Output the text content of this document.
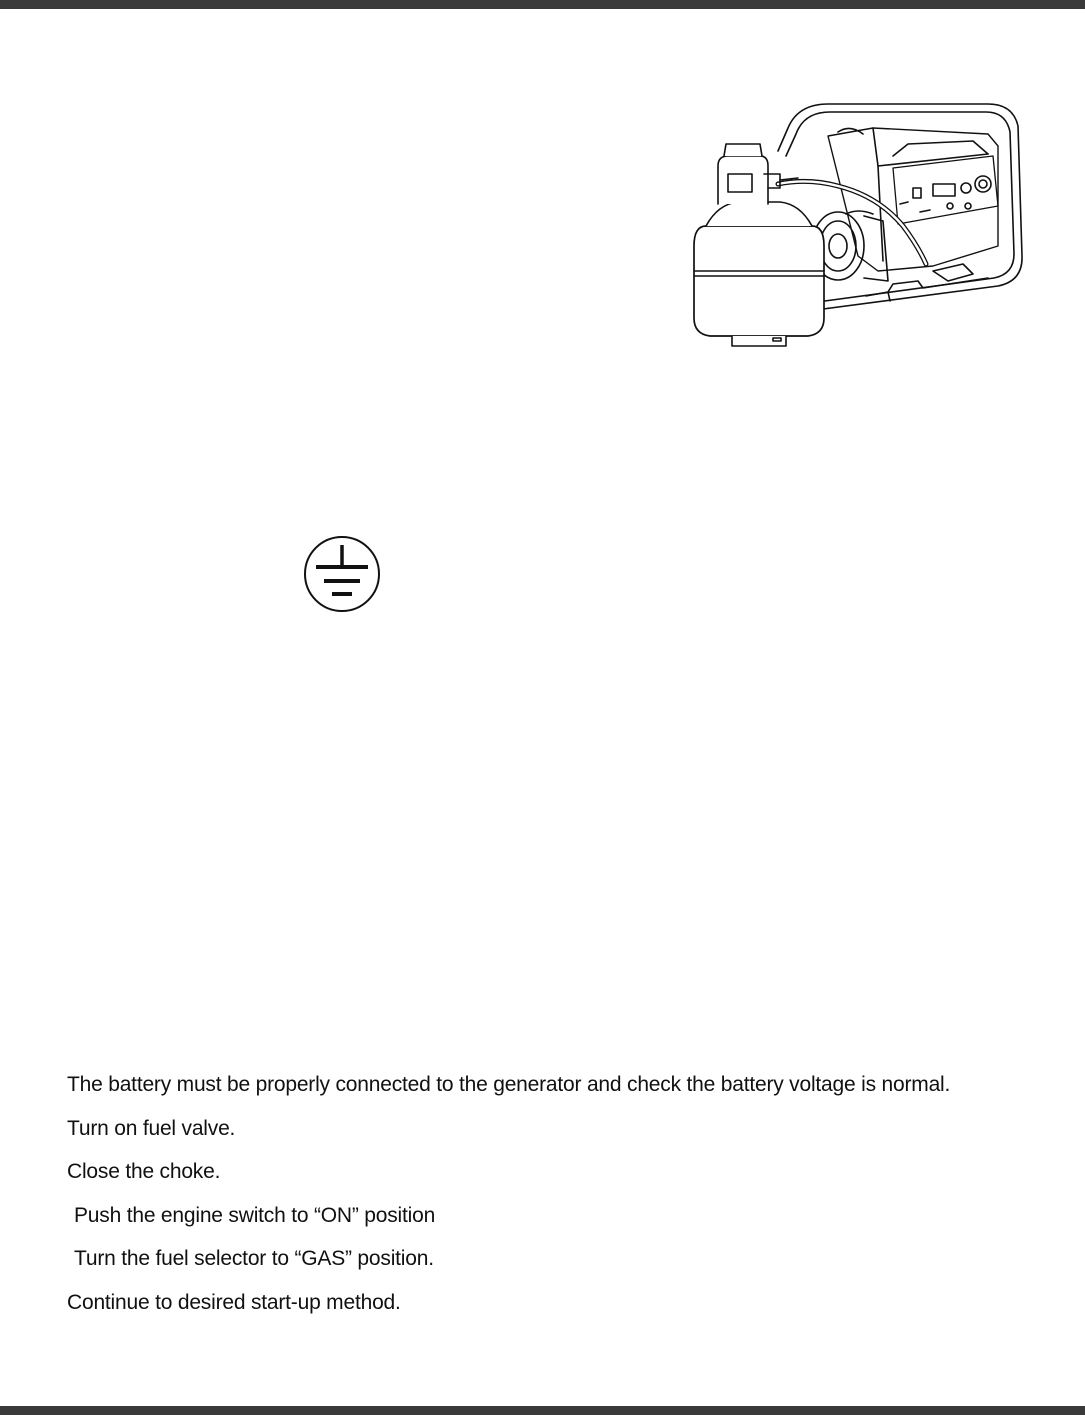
The battery must be properly connected to the generator and check the battery voltage is normal.
Turn on fuel valve.
Close the choke.
Push the engine switch to “ON” position
Turn the fuel selector to “GAS” position.
Continue to desired start-up method.
